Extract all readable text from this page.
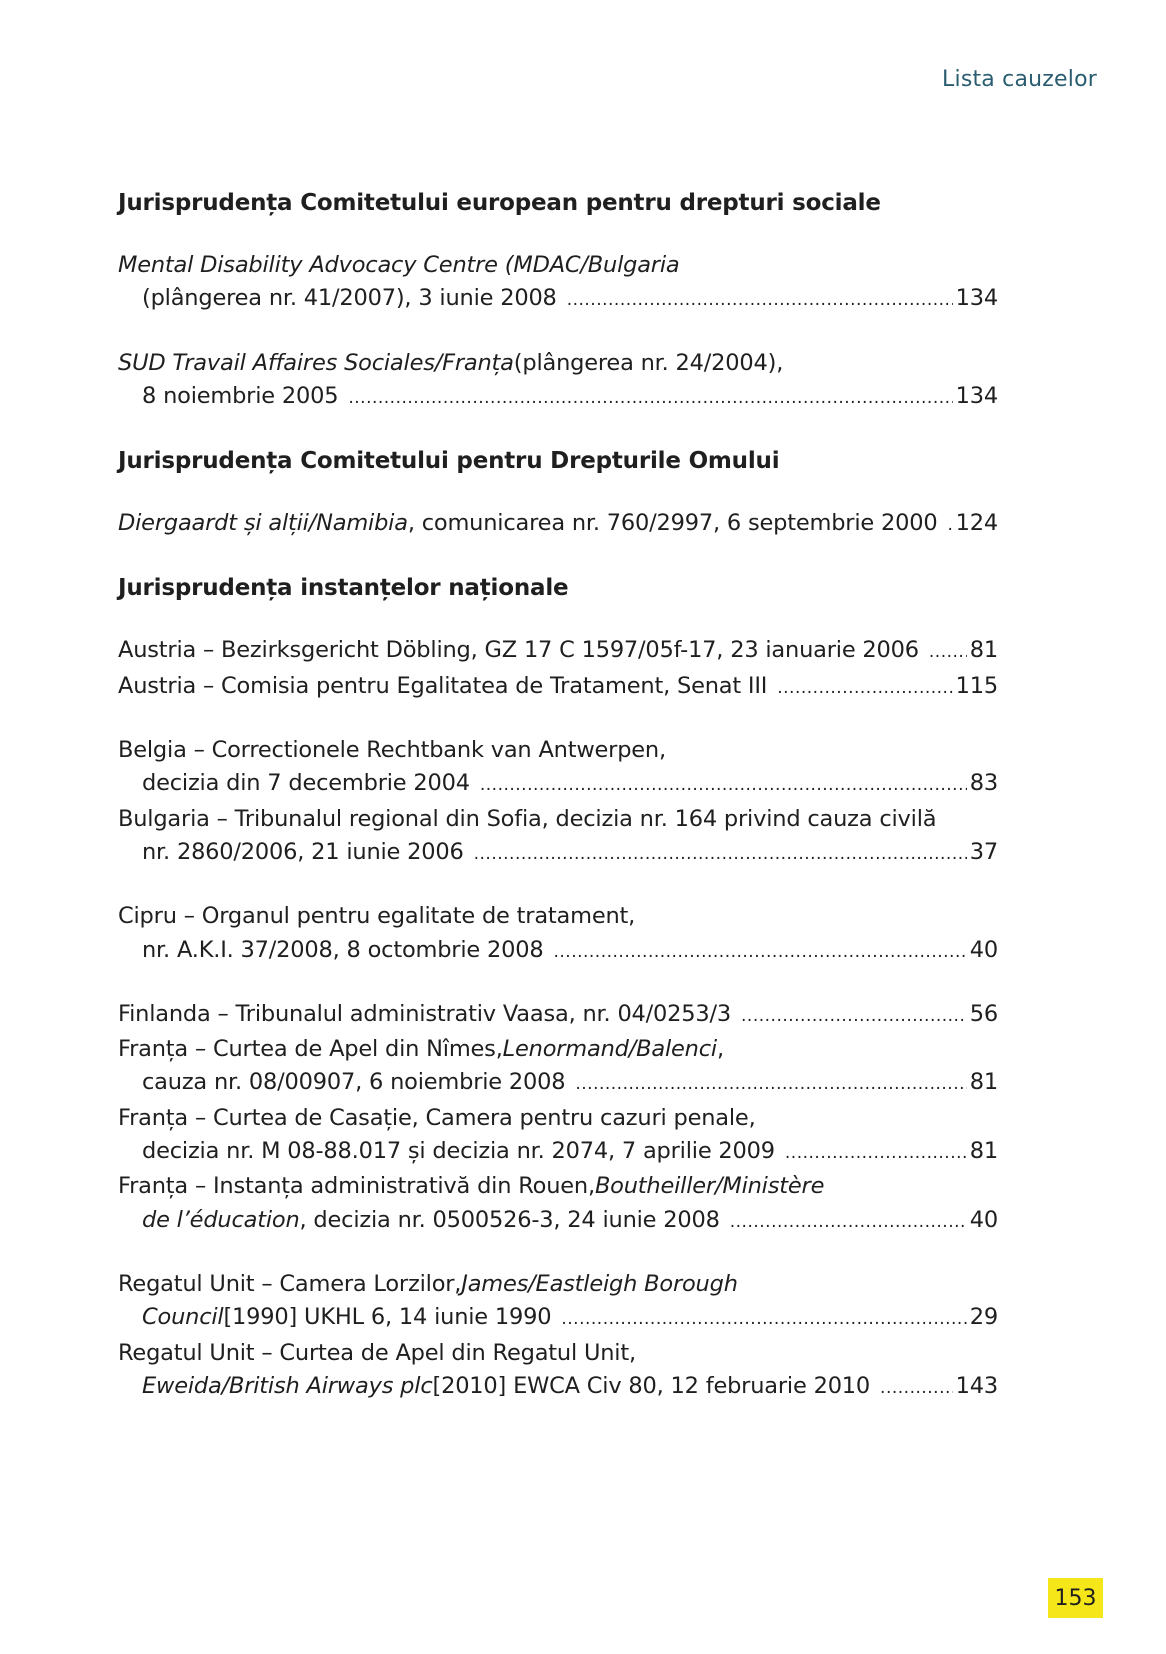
Lista cauzelor
Jurisprudența Comitetului european pentru drepturi sociale
Mental Disability Advocacy Centre (MDAC/Bulgaria
(plângerea nr. 41/2007), 3 iunie 2008 .....	134
SUD Travail Affaires Sociales/Franța (plângerea nr. 24/2004),
8 noiembrie 2005 .....	134
Jurisprudența Comitetului pentru Drepturile Omului
Diergaardt și alții/Namibia , comunicarea nr. 760/2997, 6 septembrie 2000 ..... 124
Jurisprudența instanțelor naționale
Austria – Bezirksgericht Döbling, GZ 17 C 1597/05f-17, 23 ianuarie 2006 ..... 81
Austria – Comisia pentru Egalitatea de Tratament, Senat III .....	115
Belgia – Correctionele Rechtbank van Antwerpen,
decizia din 7 decembrie 2004 .....	83
Bulgaria – Tribunalul regional din Sofia, decizia nr. 164 privind cauza civilă
nr. 2860/2006, 21 iunie 2006 .....	37
Cipru – Organul pentru egalitate de tratament,
nr. A.K.I. 37/2008, 8 octombrie 2008 .....	40
Finlanda – Tribunalul administrativ Vaasa, nr. 04/0253/3 .....	56
Franța – Curtea de Apel din Nîmes, Lenormand/Balenci ,
cauza nr. 08/00907, 6 noiembrie 2008 .....	81
Franța – Curtea de Casație, Camera pentru cazuri penale,
decizia nr. M 08-88.017 și decizia nr. 2074, 7 aprilie 2009 .....	81
Franța – Instanța administrativă din Rouen, Boutheiller/Ministère
de l’éducation , decizia nr. 0500526-3, 24 iunie 2008 .....	40
Regatul Unit – Camera Lorzilor, James/Eastleigh Borough
Council [1990] UKHL 6, 14 iunie 1990 .....	29
Regatul Unit – Curtea de Apel din Regatul Unit,
Eweida/British Airways plc [2010] EWCA Civ 80, 12 februarie 2010 .....	143
153
